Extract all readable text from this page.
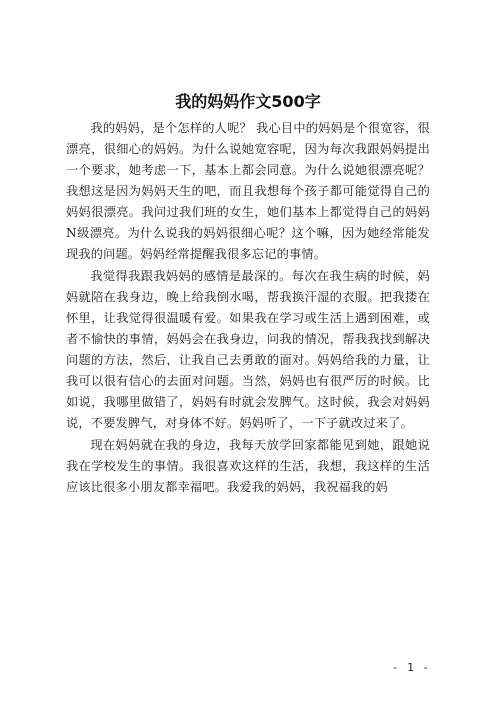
我的妈妈作文500字

我的妈妈，是个怎样的人呢？ 我心目中的妈妈是个很宽容，很漂亮，很细心的妈妈。为什么说她宽容呢，因为每次我跟妈妈提出一个要求，她考虑一下，基本上都会同意。为什么说她很漂亮呢？ 我想这是因为妈妈天生的吧，而且我想每个孩子都可能觉得自己的妈妈很漂亮。我问过我们班的女生，她们基本上都觉得自己的妈妈N级漂亮。为什么说我的妈妈很细心呢？这个嘛，因为她经常能发现我的问题。妈妈经常提醒我很多忘记的事情。

我觉得我跟我妈妈的感情是最深的。每次在我生病的时候，妈妈就陪在我身边，晚上给我倒水喝，帮我换汗湿的衣服。把我搂在怀里，让我觉得很温暖有爱。如果我在学习或生活上遇到困难，或者不愉快的事情，妈妈会在我身边，问我的情况，帮我我找到解决问题的方法，然后，让我自己去勇敢的面对。妈妈给我的力量，让我可以很有信心的去面对问题。当然，妈妈也有很严厉的时候。比如说，我哪里做错了，妈妈有时就会发脾气。这时候，我会对妈妈说，不要发脾气，对身体不好。妈妈听了，一下子就改过来了。

现在妈妈就在我的身边，我每天放学回家都能见到她，跟她说我在学校发生的事情。我很喜欢这样的生活，我想，我这样的生活应该比很多小朋友都幸福吧。我爱我的妈妈，我祝福我的妈

- 1 -
